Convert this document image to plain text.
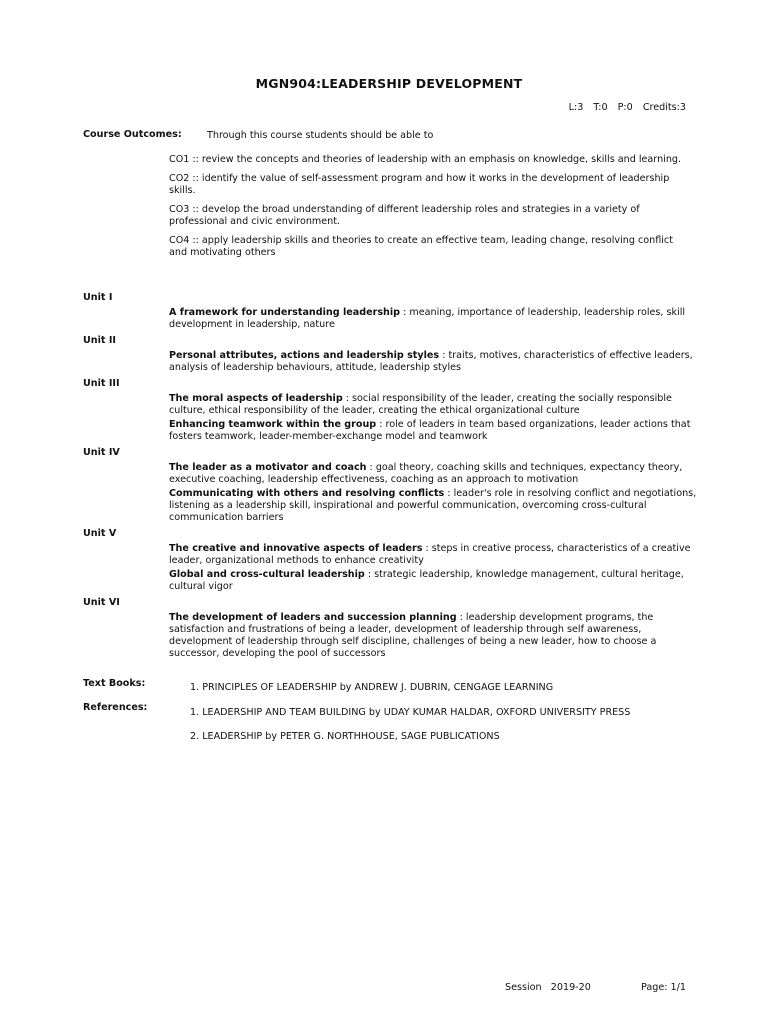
MGN904:LEADERSHIP DEVELOPMENT
L:3 T:0 P:0 Credits:3
Course Outcomes:	Through this course students should be able to
CO1 :: review the concepts and theories of leadership with an emphasis on knowledge, skills and learning.
CO2 :: identify the value of self-assessment program and how it works in the development of leadership skills.
CO3 :: develop the broad understanding of different leadership roles and strategies in a variety of professional and civic environment.
CO4 :: apply leadership skills and theories to create an effective team, leading change, resolving conflict and motivating others
Unit I
A framework for understanding leadership : meaning, importance of leadership, leadership roles, skill development in leadership, nature
Unit II
Personal attributes, actions and leadership styles : traits, motives, characteristics of effective leaders, analysis of leadership behaviours, attitude, leadership styles
Unit III
The moral aspects of leadership : social responsibility of the leader, creating the socially responsible culture, ethical responsibility of the leader, creating the ethical organizational culture
Enhancing teamwork within the group : role of leaders in team based organizations, leader actions that fosters teamwork, leader-member-exchange model and teamwork
Unit IV
The leader as a motivator and coach : goal theory, coaching skills and techniques, expectancy theory, executive coaching, leadership effectiveness, coaching as an approach to motivation
Communicating with others and resolving conflicts : leader's role in resolving conflict and negotiations, listening as a leadership skill, inspirational and powerful communication, overcoming cross-cultural communication barriers
Unit V
The creative and innovative aspects of leaders : steps in creative process, characteristics of a creative leader, organizational methods to enhance creativity
Global and cross-cultural leadership : strategic leadership, knowledge management, cultural heritage, cultural vigor
Unit VI
The development of leaders and succession planning : leadership development programs, the satisfaction and frustrations of being a leader, development of leadership through self awareness, development of leadership through self discipline, challenges of being a new leader, how to choose a successor, developing the pool of successors
Text Books:	1. PRINCIPLES OF LEADERSHIP by ANDREW J. DUBRIN, CENGAGE LEARNING
References:	1. LEADERSHIP AND TEAM BUILDING by UDAY KUMAR HALDAR, OXFORD UNIVERSITY PRESS
2. LEADERSHIP by PETER G. NORTHHOUSE, SAGE PUBLICATIONS
Session   2019-20	Page: 1/1
